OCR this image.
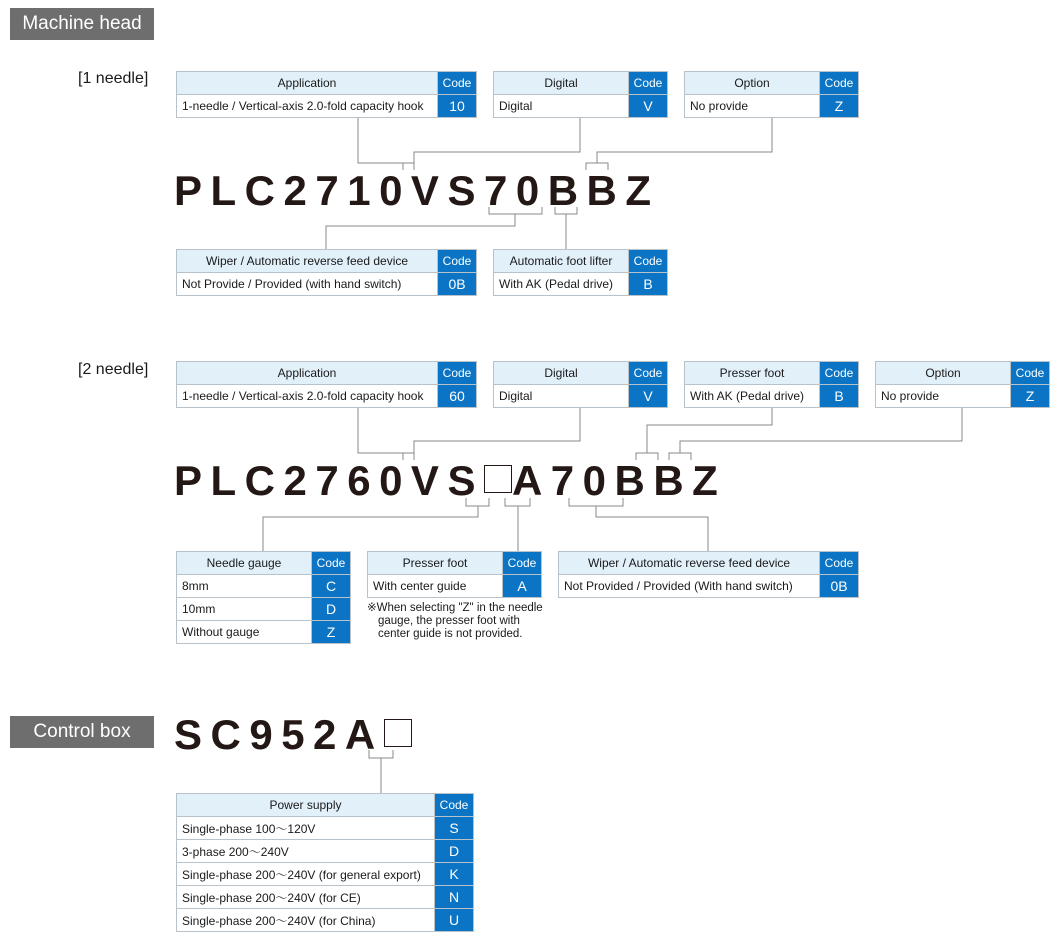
Machine head
Control box
[1 needle]
[2 needle]
Application	Code
1-needle / Vertical-axis 2.0-fold capacity hook	10
Digital	Code
Digital	V
Option	Code
No provide	Z
PLC2710VS70BBZ
Wiper / Automatic reverse feed device	Code
Not Provide / Provided (with hand switch)	0B
Automatic foot lifter	Code
With AK (Pedal drive)	B
Application	Code
1-needle / Vertical-axis 2.0-fold capacity hook	60
Digital	Code
Digital	V
Presser foot	Code
With AK (Pedal drive)	B
Option	Code
No provide	Z
PLC2760VS A70BBZ
Needle gauge	Code
8mm	C
10mm	D
Without gauge	Z
Presser foot	Code
With center guide	A
※When selecting "Z" in the needle
gauge, the presser foot with
center guide is not provided.
Wiper / Automatic reverse feed device	Code
Not Provided / Provided (With hand switch)	0B
SC952A
Power supply	Code
Single-phase 100～120V	S
3-phase 200～240V	D
Single-phase 200～240V (for general export)	K
Single-phase 200～240V (for CE)	N
Single-phase 200～240V (for China)	U
